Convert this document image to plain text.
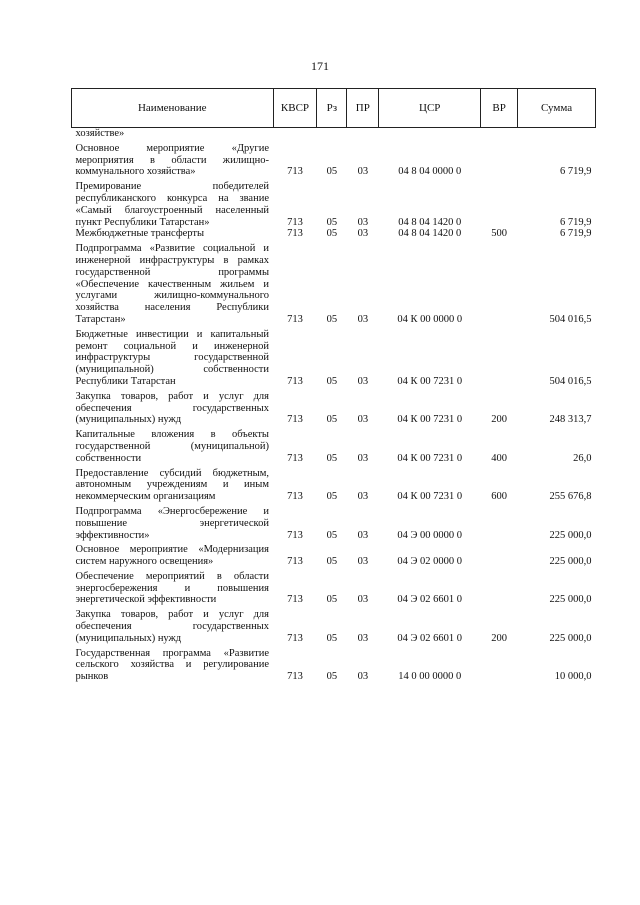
171
Наименование	КВСР	Рз	ПР	ЦСР	ВР	Сумма
хозяйстве»						
Основное мероприятие «Другие мероприятия в области жилищно-коммунального хозяйства»	713	05	03	04 8 04 0000 0		6 719,9
Премирование победителей республиканского конкурса на звание «Самый благоустроенный населенный пункт Республики Татарстан»	713	05	03	04 8 04 1420 0		6 719,9
Межбюджетные трансферты	713	05	03	04 8 04 1420 0	500	6 719,9
Подпрограмма «Развитие социальной и инженерной инфраструктуры в рамках государственной программы «Обеспечение качественным жильем и услугами жилищно-коммунального хозяйства населения Республики Татарстан»	713	05	03	04 К 00 0000 0		504 016,5
Бюджетные инвестиции и капитальный ремонт социальной и инженерной инфраструктуры государственной (муниципальной) собственности Республики Татарстан	713	05	03	04 К 00 7231 0		504 016,5
Закупка товаров, работ и услуг для обеспечения государственных (муниципальных) нужд	713	05	03	04 К 00 7231 0	200	248 313,7
Капитальные вложения в объекты государственной (муниципальной) собственности	713	05	03	04 К 00 7231 0	400	26,0
Предоставление субсидий бюджетным, автономным учреждениям и иным некоммерческим организациям	713	05	03	04 К 00 7231 0	600	255 676,8
Подпрограмма «Энергосбережение и повышение энергетической эффективности»	713	05	03	04 Э 00 0000 0		225 000,0
Основное мероприятие «Модернизация систем наружного освещения»	713	05	03	04 Э 02 0000 0		225 000,0
Обеспечение мероприятий в области энергосбережения и повышения энергетической эффективности	713	05	03	04 Э 02 6601 0		225 000,0
Закупка товаров, работ и услуг для обеспечения государственных (муниципальных) нужд	713	05	03	04 Э 02 6601 0	200	225 000,0
Государственная программа «Развитие сельского хозяйства и регулирование рынков	713	05	03	14 0 00 0000 0		10 000,0
